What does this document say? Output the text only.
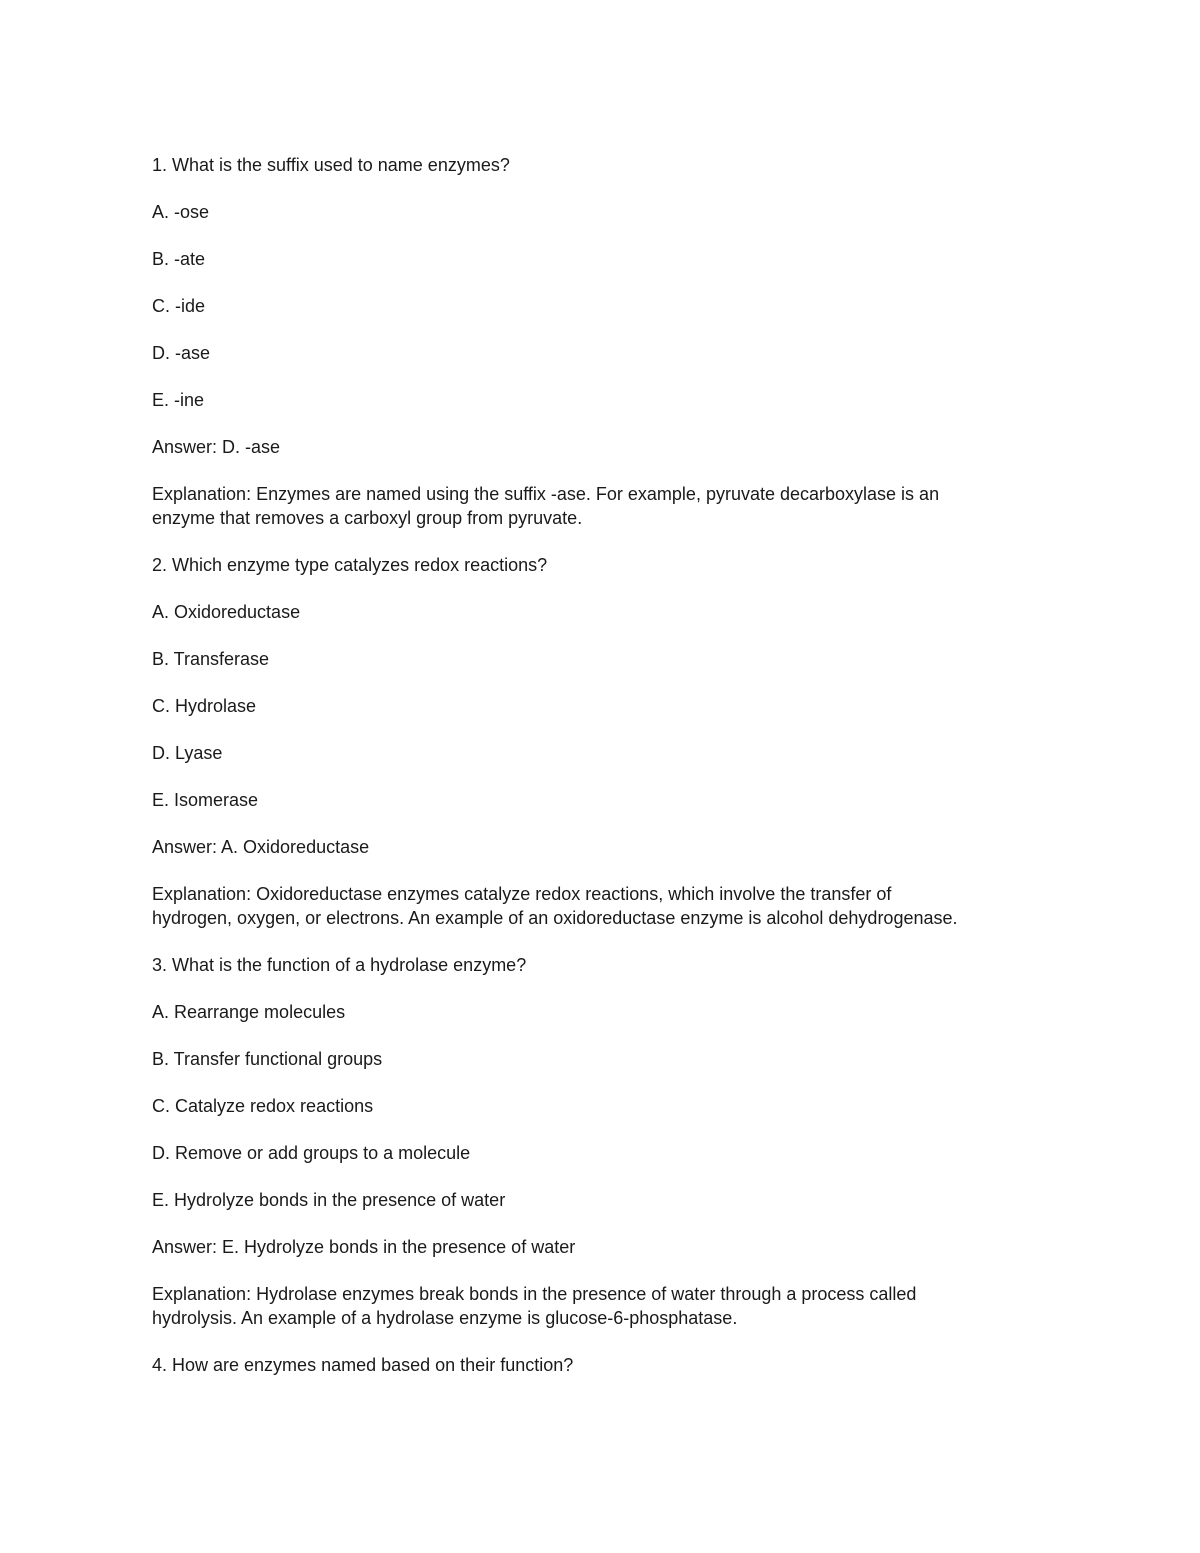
1. What is the suffix used to name enzymes?

A. -ose

B. -ate

C. -ide

D. -ase

E. -ine

Answer: D. -ase

Explanation: Enzymes are named using the suffix -ase. For example, pyruvate decarboxylase is an

enzyme that removes a carboxyl group from pyruvate.

2. Which enzyme type catalyzes redox reactions?

A. Oxidoreductase

B. Transferase

C. Hydrolase

D. Lyase

E. Isomerase

Answer: A. Oxidoreductase

Explanation: Oxidoreductase enzymes catalyze redox reactions, which involve the transfer of

hydrogen, oxygen, or electrons. An example of an oxidoreductase enzyme is alcohol dehydrogenase.

3. What is the function of a hydrolase enzyme?

A. Rearrange molecules

B. Transfer functional groups

C. Catalyze redox reactions

D. Remove or add groups to a molecule

E. Hydrolyze bonds in the presence of water

Answer: E. Hydrolyze bonds in the presence of water

Explanation: Hydrolase enzymes break bonds in the presence of water through a process called

hydrolysis. An example of a hydrolase enzyme is glucose-6-phosphatase.

4. How are enzymes named based on their function?
